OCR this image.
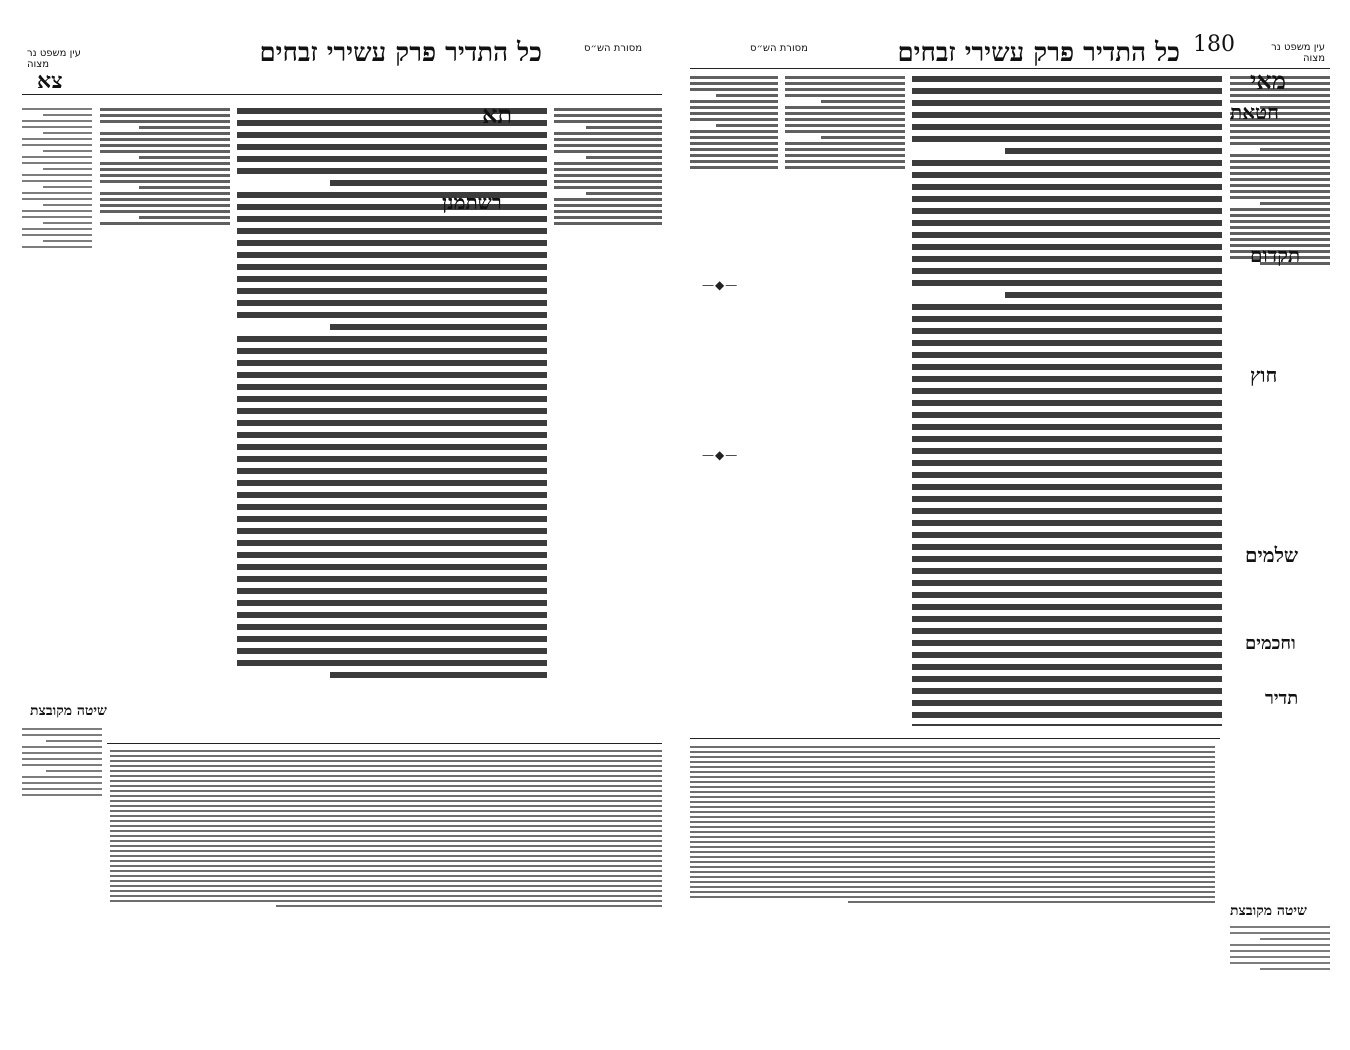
כל התדיר פרק עשירי זבחים
צא
מסורת הש״ס
עין משפט נר מצוה
תא
רשתמנן
שיטה מקובצת
כל התדיר פרק עשירי זבחים 180
מסורת הש״ס	עין משפט נר מצוה
—◆—
—◆—
מאי
חטאת
תקדום
חוץ
שלמים
וחכמים
תדיר
שיטה מקובצת
